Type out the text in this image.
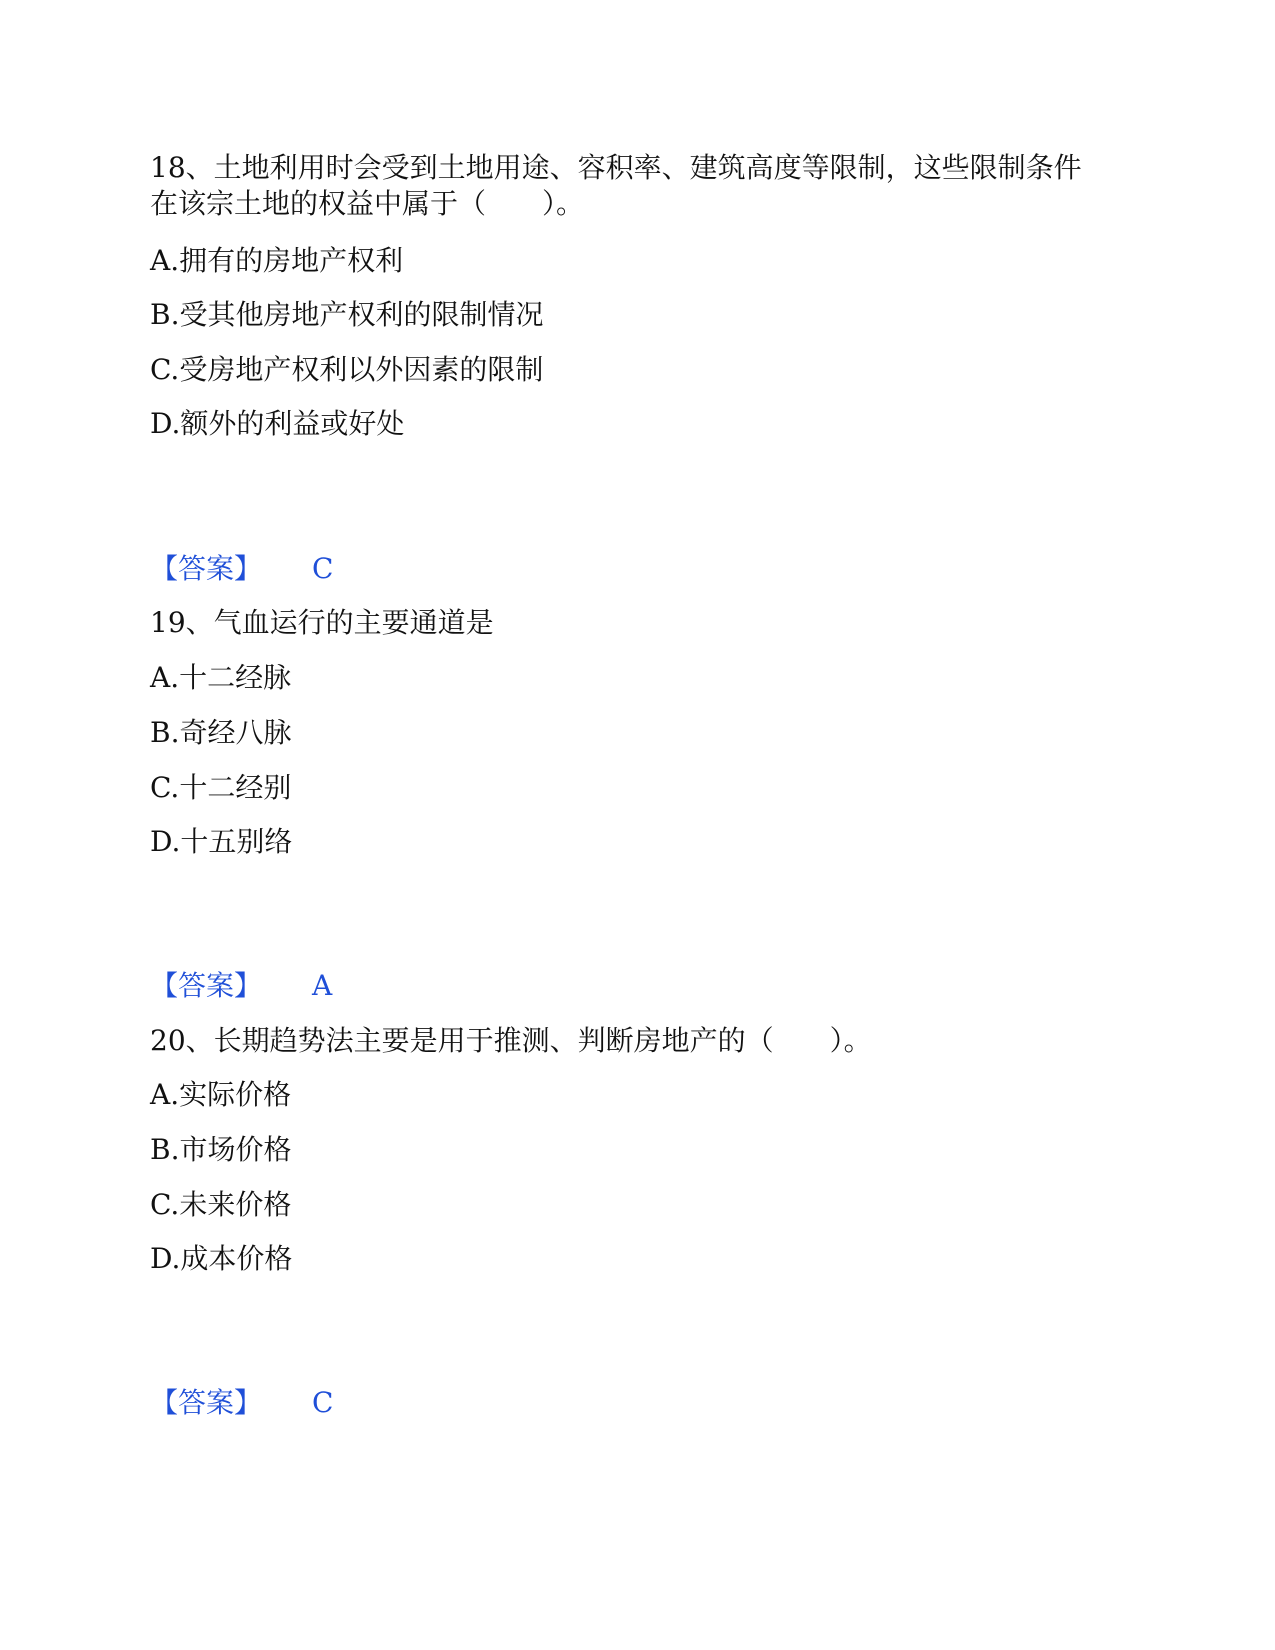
18、土地利用时会受到土地用途、容积率、建筑高度等限制，这些限制条件
在该宗土地的权益中属于（　　）。
A.拥有的房地产权利
B.受其他房地产权利的限制情况
C.受房地产权利以外因素的限制
D.额外的利益或好处
【答案】 C
19、气血运行的主要通道是
A.十二经脉
B.奇经八脉
C.十二经别
D.十五别络
【答案】 A
20、长期趋势法主要是用于推测、判断房地产的（　　）。
A.实际价格
B.市场价格
C.未来价格
D.成本价格
【答案】 C
